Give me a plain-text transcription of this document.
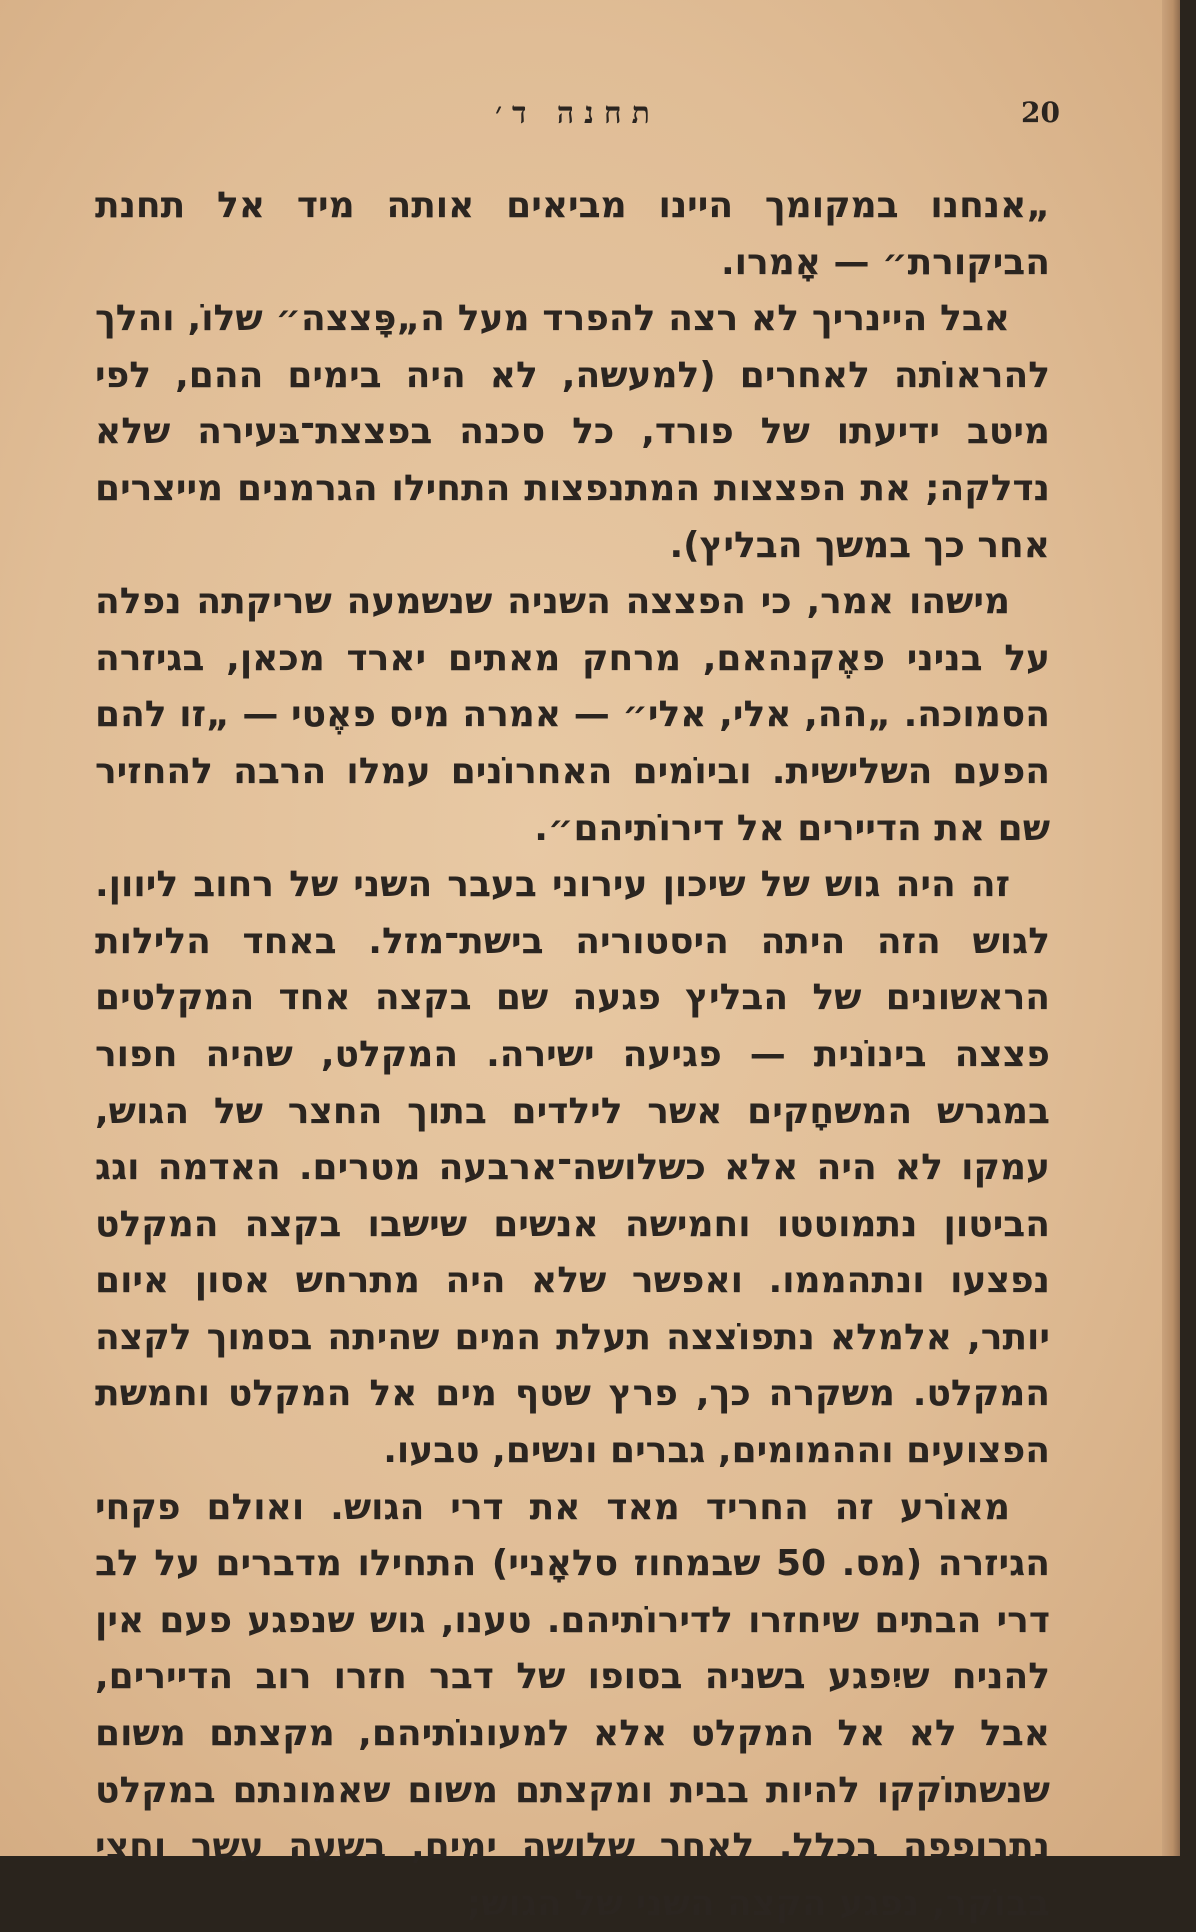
תחנה ד׳	20

„אנחנו במקומך היינו מביאים אותה מיד אל תחנת הביקורת״ — אָמרו.

אבל היינריך לא רצה להפרד מעל ה„פָּצצה״ שלוֹ, והלך להראוֹתה לאחרים (למעשה, לא היה בימים ההם, לפי מיטב ידיעתו של פורד, כל סכנה בפצצת־בּעירה שלא נדלקה; את הפצצות המתנפצות התחילו הגרמנים מייצרים אחר כך במשך הבליץ).

מישהו אמר, כי הפצצה השניה שנשמעה שריקתה נפלה על בניני פאֶקנהאם, מרחק מאתים יארד מכאן, בגיזרה הסמוכה. „הה, אלי, אלי״ — אמרה מיס פאֶטי — „זו להם הפעם השלישית. וביוֹמים האחרוֹנים עמלו הרבה להחזיר שם את הדיירים אל דירוֹתיהם״.

זה היה גוש של שיכון עירוני בעבר השני של רחוב ליוון. לגוש הזה היתה היסטוריה בישת־מזל. באחד הלילות הראשונים של הבליץ פגעה שם בקצה אחד המקלטים פצצה בינוֹנית — פגיעה ישירה. המקלט, שהיה חפור במגרש המשחָקים אשר לילדים בתוך החצר של הגוש, עמקו לא היה אלא כשלושה־ארבעה מטרים. האדמה וגג הביטון נתמוטטו וחמישה אנשים שישבו בקצה המקלט נפצעו ונתהממו. ואפשר שלא היה מתרחש אסון איום יותר, אלמלא נתפוֹצצה תעלת המים שהיתה בסמוך לקצה המקלט. משקרה כך, פרץ שטף מים אל המקלט וחמשת הפצועים וההמומים, גברים ונשים, טבעו.

מאוֹרע זה החריד מאד את דרי הגוש. ואולם פקחי הגיזרה (מס. 50 שבמחוז סלאָניי) התחילו מדברים על לב דרי הבתים שיחזרו לדירוֹתיהם. טענו, גוש שנפגע פעם אין להניח שיִפגע בשניה בסופו של דבר חזרו רוב הדיירים, אבל לא אל המקלט אלא למעונוֹתיהם, מקצתם משום שנשתוֹקקו להיות בבית ומקצתם משום שאמונתם במקלט נתרופפה בכלל. לאחר שלושה ימים, בשעה עשר וחצי בבוֹקר, נפגע הקצה השני של הגוש;
